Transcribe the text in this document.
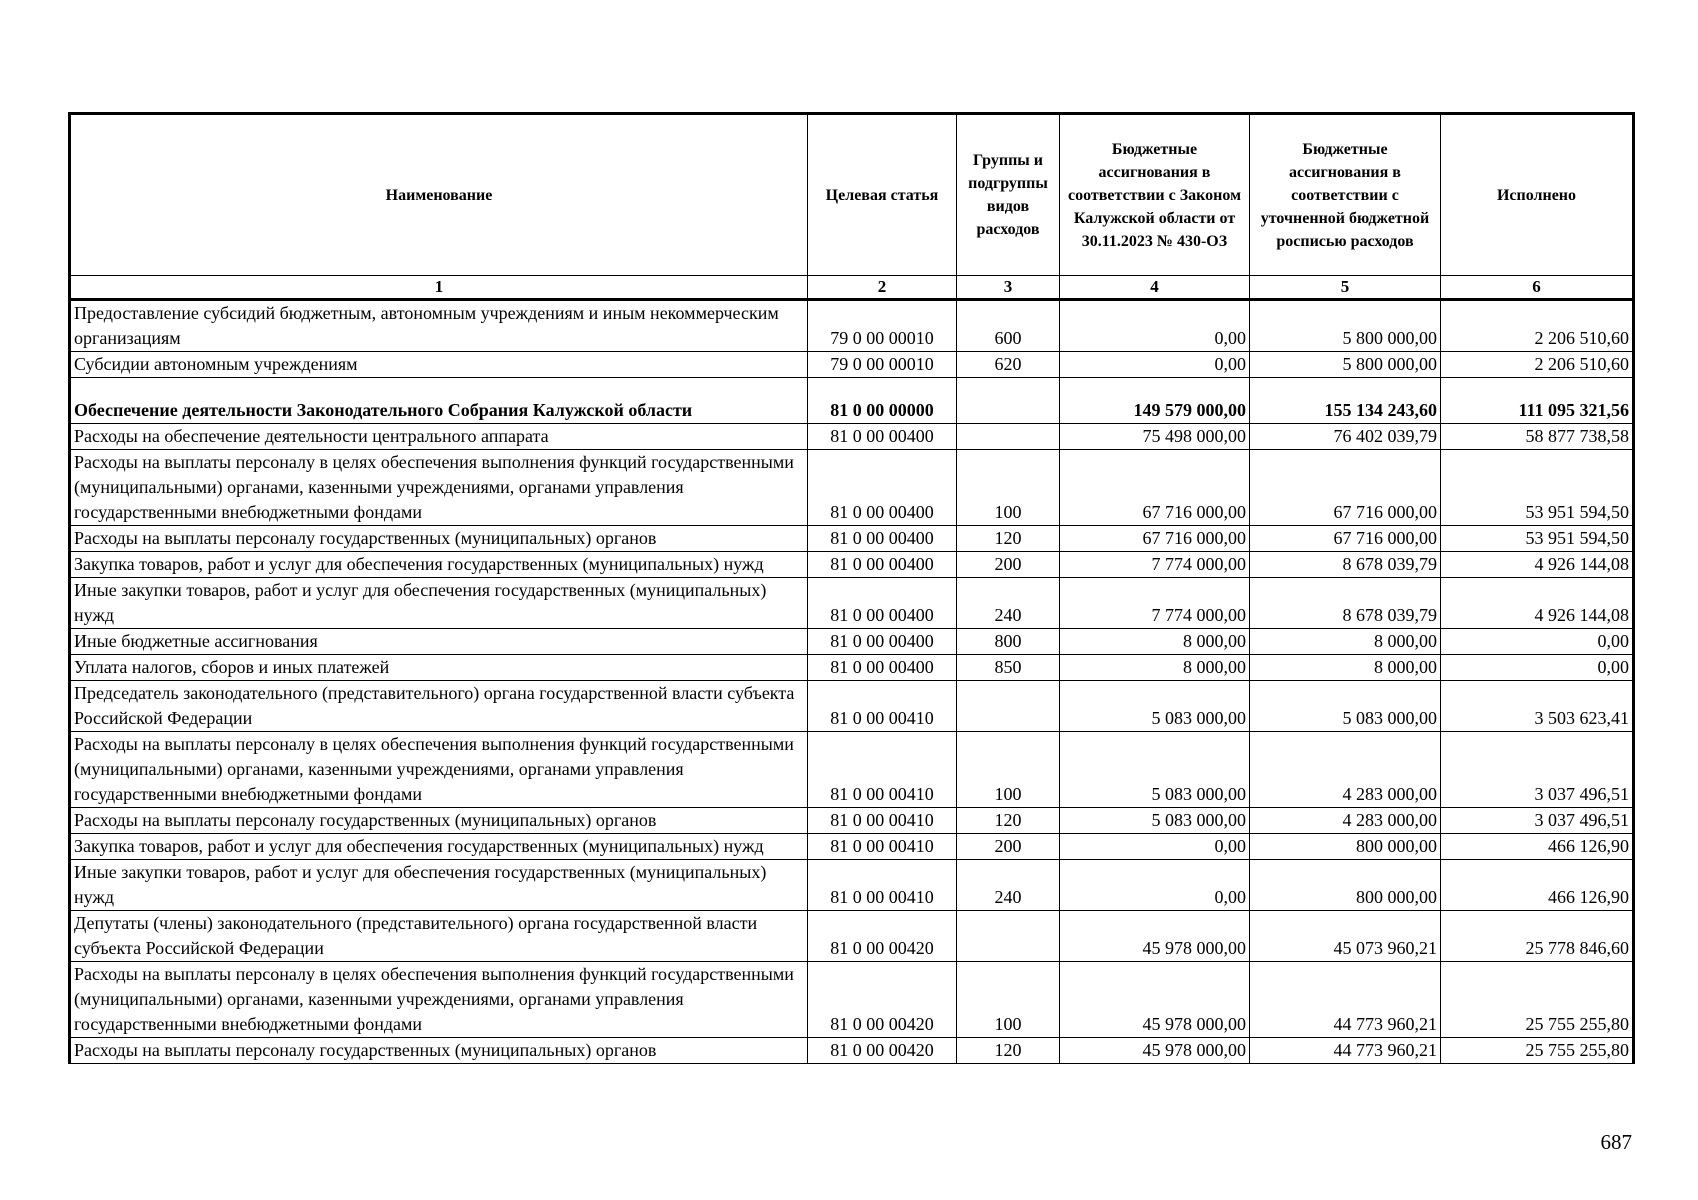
Наименование	Целевая статья	Группы и подгруппы видов расходов	Бюджетные ассигнования в соответствии с Законом Калужской области от 30.11.2023 № 430-ОЗ	Бюджетные ассигнования в соответствии с уточненной бюджетной росписью расходов	Исполнено
1	2	3	4	5	6
Предоставление субсидий бюджетным, автономным учреждениям и иным некоммерческим организациям	79 0 00 00010	600	0,00	5 800 000,00	2 206 510,60
Субсидии автономным учреждениям	79 0 00 00010	620	0,00	5 800 000,00	2 206 510,60
Обеспечение деятельности Законодательного Собрания Калужской области	81 0 00 00000		149 579 000,00	155 134 243,60	111 095 321,56
Расходы на обеспечение деятельности центрального аппарата	81 0 00 00400		75 498 000,00	76 402 039,79	58 877 738,58
Расходы на выплаты персоналу в целях обеспечения выполнения функций государственными (муниципальными) органами, казенными учреждениями, органами управления государственными внебюджетными фондами	81 0 00 00400	100	67 716 000,00	67 716 000,00	53 951 594,50
Расходы на выплаты персоналу государственных (муниципальных) органов	81 0 00 00400	120	67 716 000,00	67 716 000,00	53 951 594,50
Закупка товаров, работ и услуг для обеспечения государственных (муниципальных) нужд	81 0 00 00400	200	7 774 000,00	8 678 039,79	4 926 144,08
Иные закупки товаров, работ и услуг для обеспечения государственных (муниципальных) нужд	81 0 00 00400	240	7 774 000,00	8 678 039,79	4 926 144,08
Иные бюджетные ассигнования	81 0 00 00400	800	8 000,00	8 000,00	0,00
Уплата налогов, сборов и иных платежей	81 0 00 00400	850	8 000,00	8 000,00	0,00
Председатель законодательного (представительного) органа государственной власти субъекта Российской Федерации	81 0 00 00410		5 083 000,00	5 083 000,00	3 503 623,41
Расходы на выплаты персоналу в целях обеспечения выполнения функций государственными (муниципальными) органами, казенными учреждениями, органами управления государственными внебюджетными фондами	81 0 00 00410	100	5 083 000,00	4 283 000,00	3 037 496,51
Расходы на выплаты персоналу государственных (муниципальных) органов	81 0 00 00410	120	5 083 000,00	4 283 000,00	3 037 496,51
Закупка товаров, работ и услуг для обеспечения государственных (муниципальных) нужд	81 0 00 00410	200	0,00	800 000,00	466 126,90
Иные закупки товаров, работ и услуг для обеспечения государственных (муниципальных) нужд	81 0 00 00410	240	0,00	800 000,00	466 126,90
Депутаты (члены) законодательного (представительного) органа государственной власти субъекта Российской Федерации	81 0 00 00420		45 978 000,00	45 073 960,21	25 778 846,60
Расходы на выплаты персоналу в целях обеспечения выполнения функций государственными (муниципальными) органами, казенными учреждениями, органами управления государственными внебюджетными фондами	81 0 00 00420	100	45 978 000,00	44 773 960,21	25 755 255,80
Расходы на выплаты персоналу государственных (муниципальных) органов	81 0 00 00420	120	45 978 000,00	44 773 960,21	25 755 255,80
687
